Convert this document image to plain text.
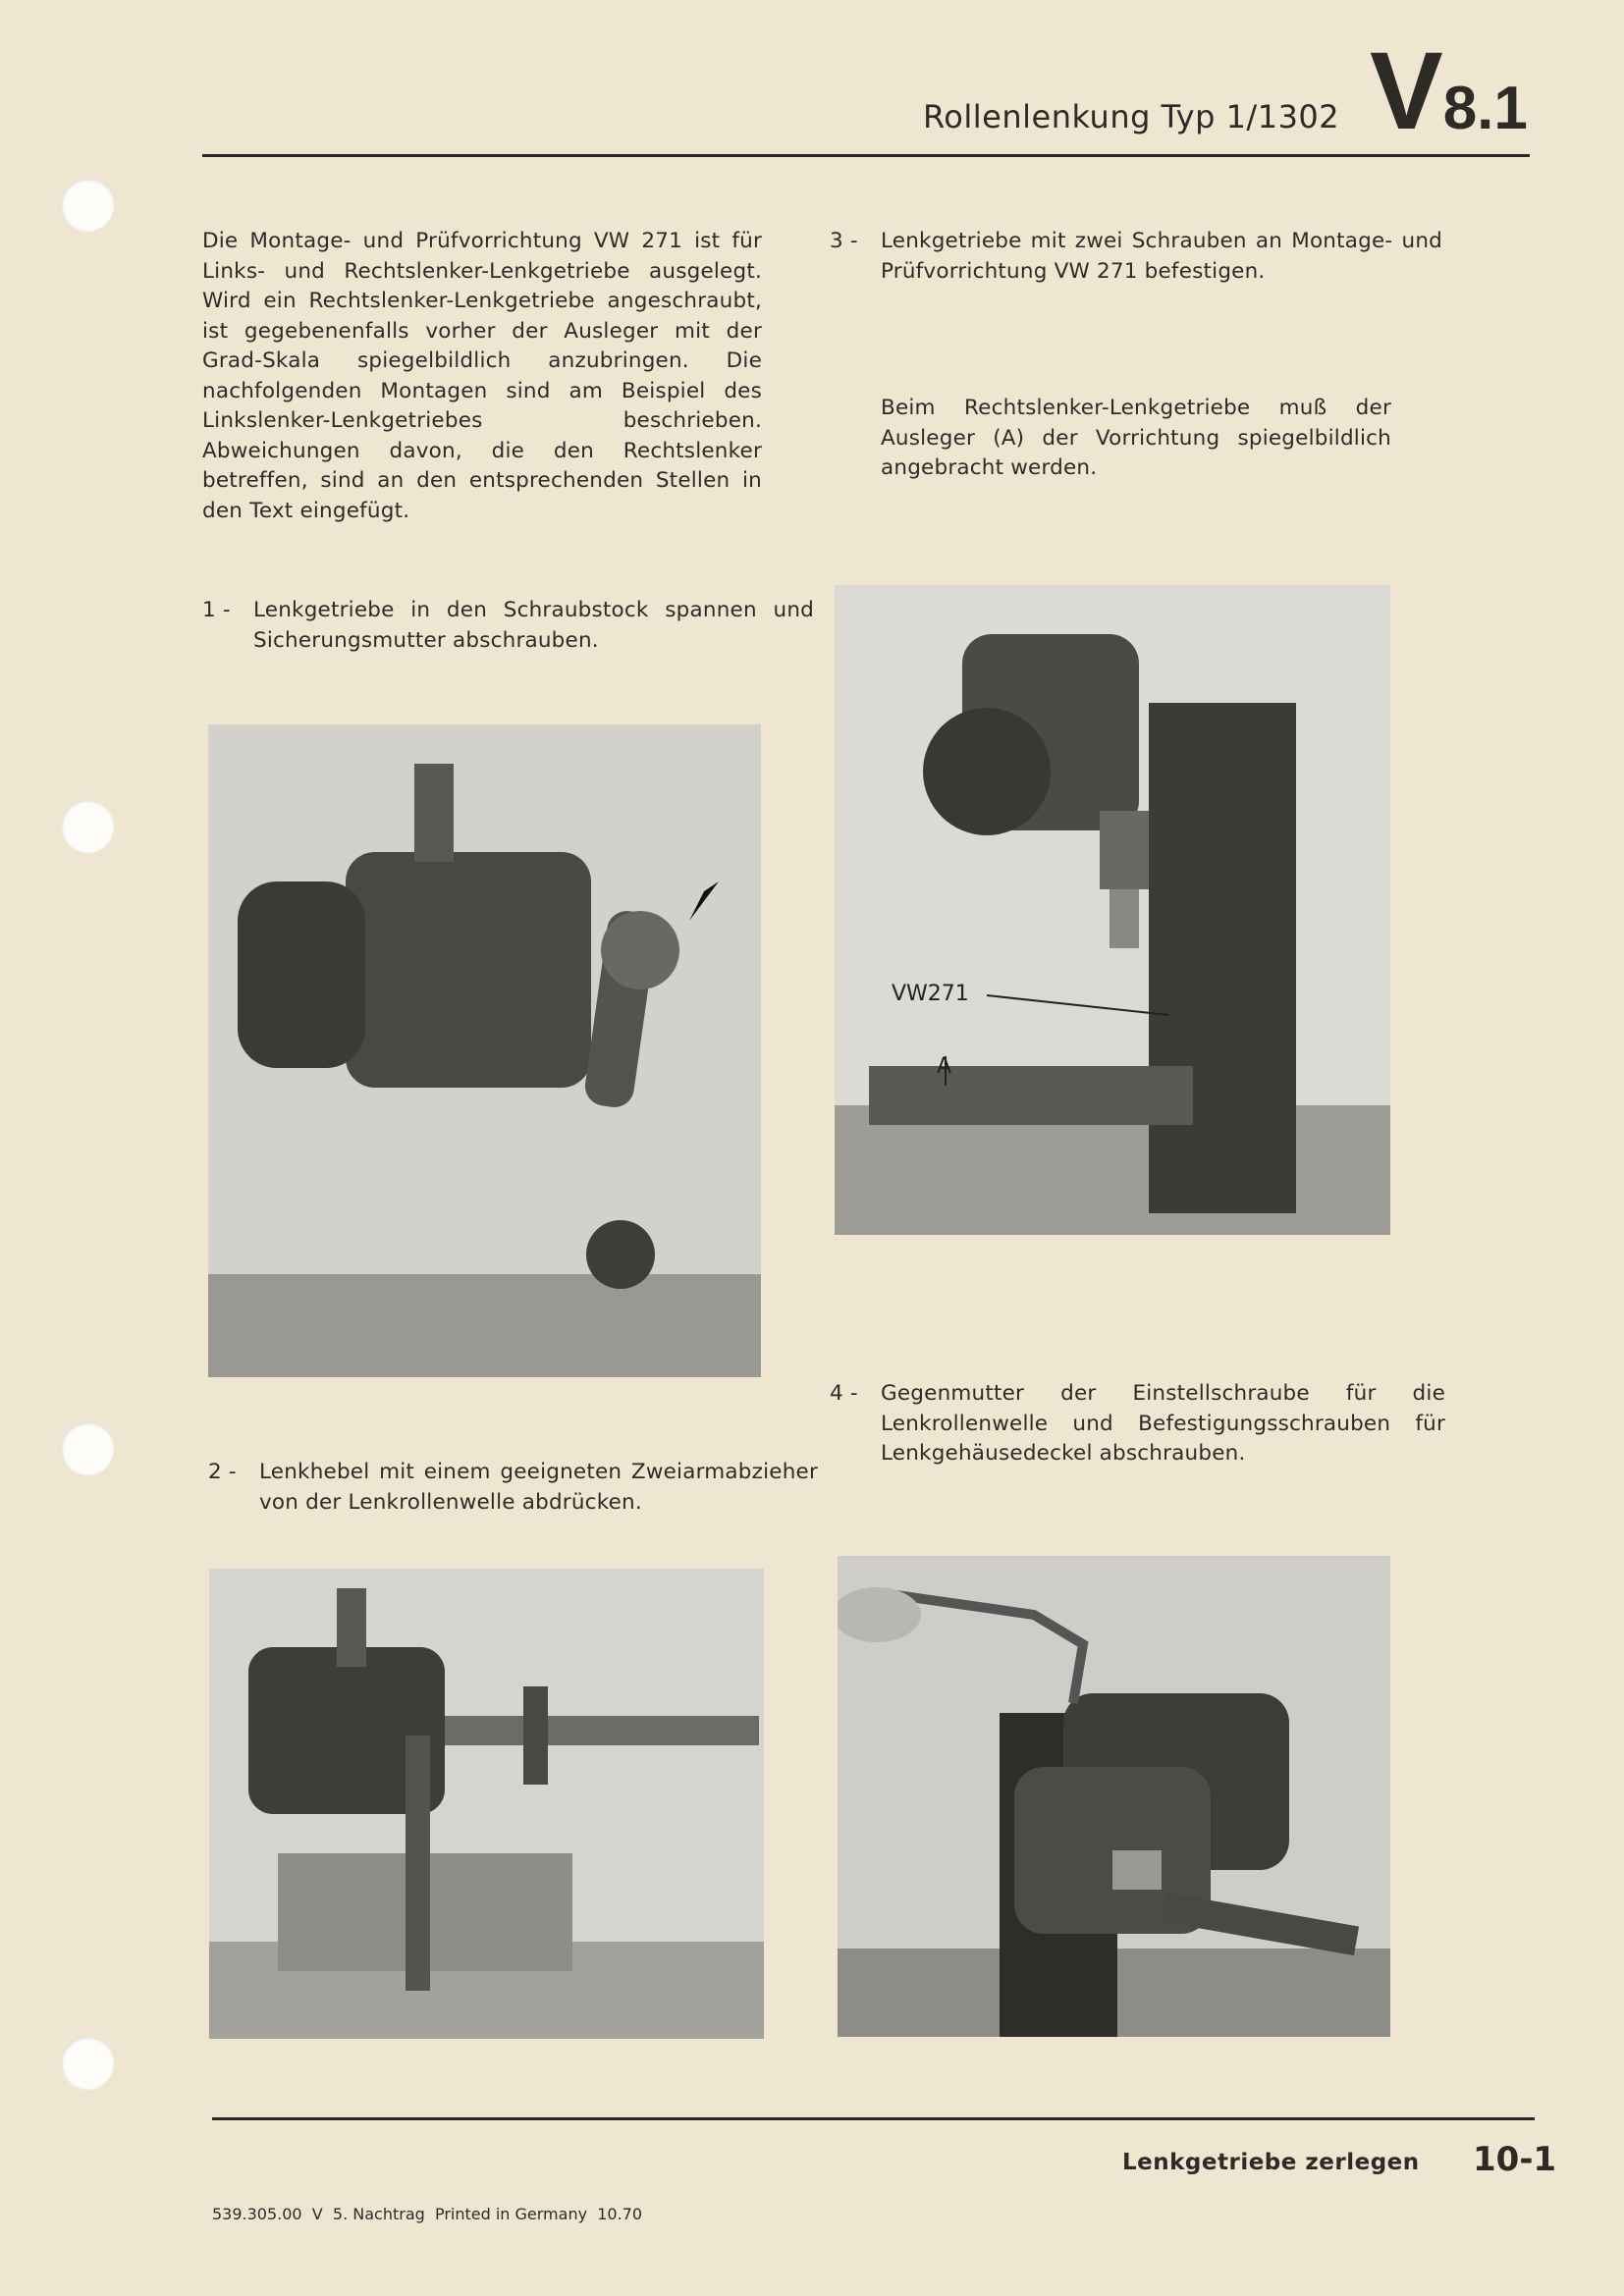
Rollenlenkung Typ 1/1302 V8.1
Die Montage- und Prüfvorrichtung VW 271 ist für Links- und Rechtslenker-Lenkgetriebe ausgelegt. Wird ein Rechtslenker-Lenkgetriebe angeschraubt, ist gegebenenfalls vorher der Ausleger mit der Grad-Skala spiegelbildlich anzubringen. Die nachfolgenden Montagen sind am Beispiel des Linkslenker-Lenkgetriebes beschrieben. Abweichungen davon, die den Rechtslenker betreffen, sind an den entsprechenden Stellen in den Text eingefügt.
3 - Lenkgetriebe mit zwei Schrauben an Montage- und Prüfvorrichtung VW 271 befestigen.
Beim Rechtslenker-Lenkgetriebe muß der Ausleger (A) der Vorrichtung spiegelbildlich angebracht werden.
1 - Lenkgetriebe in den Schraubstock spannen und Sicherungsmutter abschrauben.
VW271
A
4 - Gegenmutter der Einstellschraube für die Lenkrollenwelle und Befestigungsschrauben für Lenkgehäusedeckel abschrauben.
2 - Lenkhebel mit einem geeigneten Zweiarmabzieher von der Lenkrollenwelle abdrücken.
Lenkgetriebe zerlegen 10-1
539.305.00  V  5. Nachtrag  Printed in Germany  10.70
